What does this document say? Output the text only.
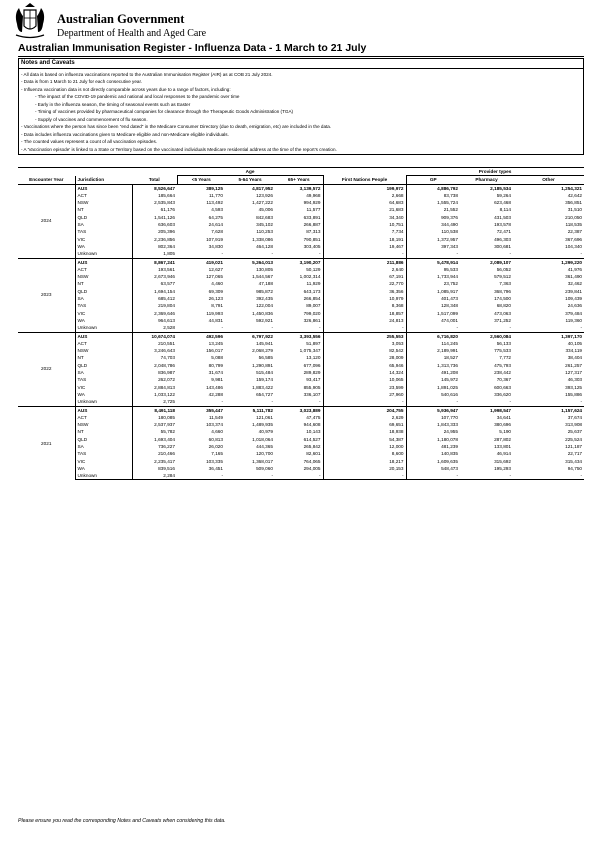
Australian Government
Department of Health and Aged Care
Australian Immunisation Register - Influenza Data - 1 March to 21 July
Notes and Caveats
- All data is based on influenza vaccinations reported to the Australian Immunisation Register (AIR) as at COB 21 July 2024.
- Data is from 1 March to 21 July for each consecutive year.
- Influenza vaccination data is not directly comparable across years due to a range of factors, including:
- The impact of the COVID-19 pandemic and national and local responses to the pandemic over time
- Early in the influenza season, the timing of seasonal events such as Easter
- Timing of vaccines provided by pharmaceutical companies for clearance through the Therapeutic Goods Administration (TGA)
- Supply of vaccines and commencement of flu season.
- Vaccinations where the person has since been "end dated" in the Medicare Consumer Directory (due to death, emigration, etc) are included in the data.
- Data includes influenza vaccinations given to Medicare eligible and non-Medicare eligible individuals.
- The counted values represent a count of all vaccination episodes.
- A 'Vaccination episode' is linked to a State or Territory based on the vaccinated individuals Medicare residential address at the time of the report's creation.
			Age				Provider types		
Encounter Year	Jurisdiction	Total	<5 Years	5-64 Years	65+ Years	First Nations People	GP	Pharmacy	Other
2024	AUS	8,526,647	389,125	4,817,952	3,139,572	199,972	4,886,792	2,185,534	1,254,321
	ACT	185,664	11,770	123,926	49,968	2,668	83,738	59,264	42,642
	NSW	2,535,843	113,492	1,427,222	994,929	64,683	1,555,724	623,468	356,851
	NT	61,176	4,593	45,006	11,577	21,683	21,552	8,114	31,510
	QLD	1,541,126	64,275	842,683	633,891	34,340	909,376	431,503	210,050
	SA	636,603	24,614	345,102	266,887	10,751	344,490	193,578	118,535
	TAS	205,396	7,628	110,253	87,313	7,734	110,538	72,471	22,387
	VIC	2,236,856	107,919	1,338,086	790,851	18,191	1,372,957	496,303	367,696
	WA	802,364	34,830	464,128	303,405	19,467	397,343	300,681	104,340
	Unknown	1,805	-	-	-	-	-	-	-
2023	AUS	8,867,241	419,021	5,264,013	3,190,207	211,886	5,478,914	2,089,107	1,299,220
	ACT	193,561	12,627	130,805	50,129	2,640	95,533	56,052	41,976
	NSW	2,673,946	127,065	1,544,567	1,002,314	67,191	1,733,944	579,512	361,490
	NT	63,577	4,460	47,188	11,929	22,770	23,752	7,363	32,462
	QLD	1,694,154	69,309	985,872	643,173	36,356	1,085,917	368,796	239,841
	SA	685,412	26,123	392,435	266,854	10,979	401,473	174,500	109,439
	TAS	219,804	8,791	122,004	89,007	8,368	128,348	68,820	24,636
	VIC	2,369,646	119,993	1,450,836	799,020	18,857	1,517,099	473,063	379,484
	WA	964,613	44,831	592,921	326,861	24,813	474,001	371,252	119,360
	Unknown	2,528	-	-	-	-	-	-	-
2022	AUS	10,674,074	492,596	6,797,922	3,393,556	255,553	6,716,820	2,560,084	1,397,170
	ACT	210,551	13,245	145,941	51,897	3,053	114,245	56,133	40,105
	NSW	3,246,643	156,017	2,068,279	1,075,347	82,542	2,189,991	775,533	334,119
	NT	74,703	5,088	56,585	13,120	28,009	18,527	7,772	38,404
	QLD	2,048,786	80,799	1,290,891	677,096	65,946	1,313,736	475,793	261,257
	SA	836,987	31,674	515,484	289,829	14,324	491,208	238,442	127,317
	TAS	262,072	9,981	159,174	93,417	10,065	145,972	70,367	46,303
	VIC	2,884,813	143,486	1,883,422	855,905	23,599	1,891,025	600,663	393,125
	WA	1,033,122	42,288	654,727	336,107	27,960	540,616	336,620	155,886
	Unknown	2,725	-	-	-	-	-	-	-
2021	AUS	8,491,118	355,447	5,111,782	3,023,889	204,755	5,936,947	1,998,547	1,157,624
	ACT	180,085	11,549	121,061	47,475	2,629	107,770	34,641	37,674
	NSW	2,537,937	103,374	1,489,935	944,608	69,651	1,843,333	380,696	313,908
	NT	55,782	4,660	40,979	10,143	18,938	24,955	5,190	25,637
	QLD	1,693,404	60,813	1,018,064	614,527	54,387	1,180,078	287,802	225,524
	SA	736,227	26,020	444,365	265,842	12,000	481,239	133,801	121,187
	TAS	210,466	7,165	120,700	82,601	8,600	140,835	46,914	22,717
	VIC	2,235,417	103,335	1,368,017	764,065	18,217	1,609,635	315,692	315,434
	WA	839,516	36,451	509,060	294,005	20,153	548,473	195,293	94,750
	Unknown	2,284	-	-	-	-	-	-	-
Please ensure you read the corresponding Notes and Caveats when considering this data.
